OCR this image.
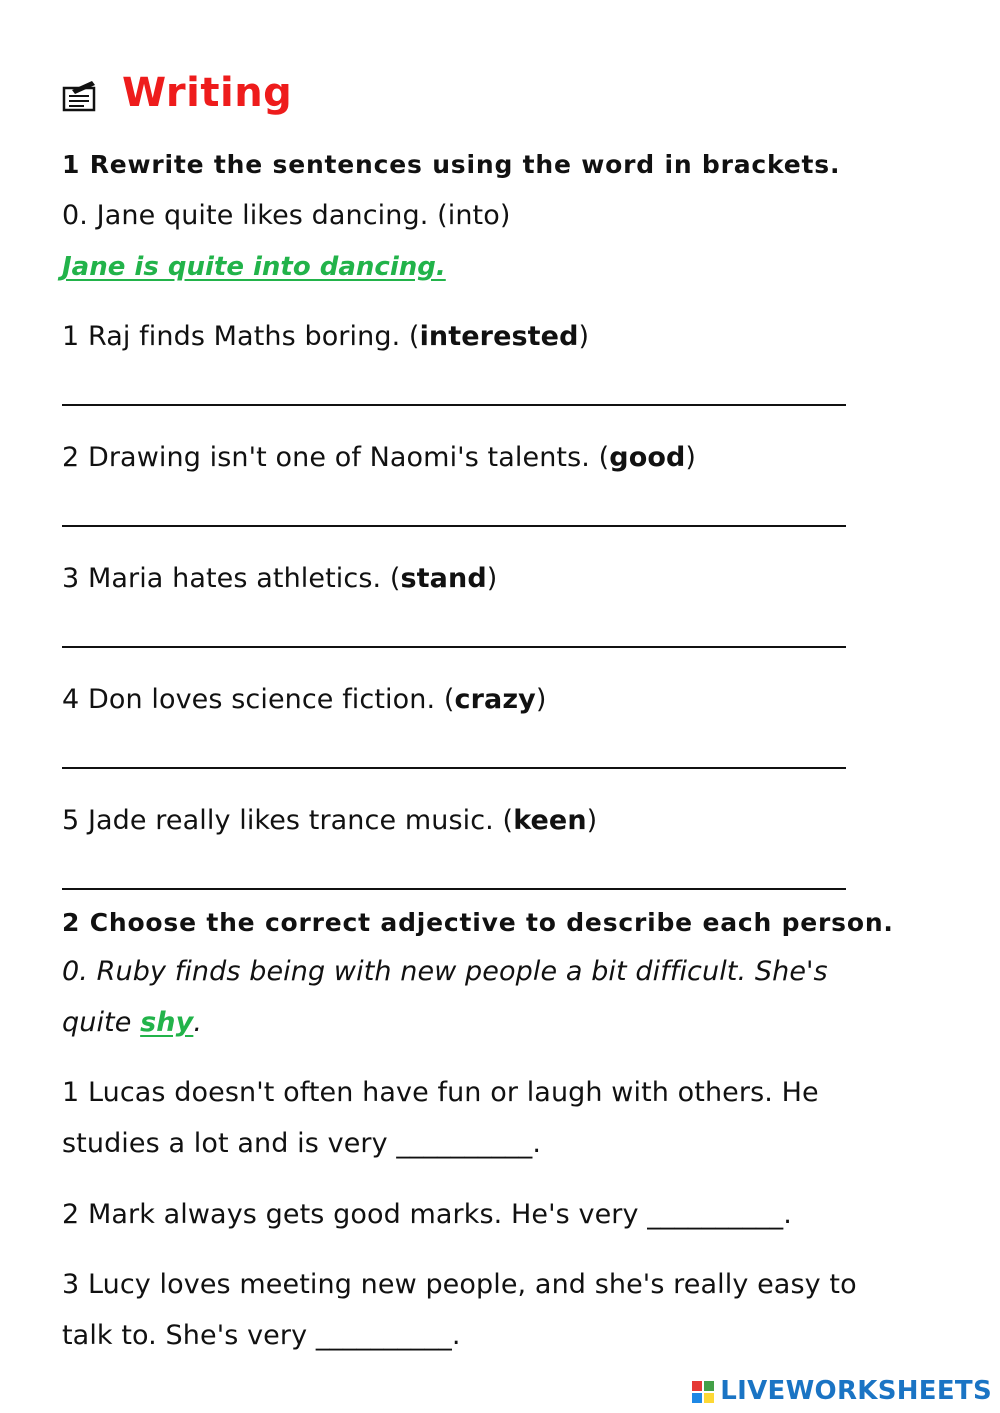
Writing
1 Rewrite the sentences using the word in brackets.
0. Jane quite likes dancing. (into)
Jane is quite into dancing.
1 Raj finds Maths boring. (interested)
2 Drawing isn't one of Naomi's talents. (good)
3 Maria hates athletics. (stand)
4 Don loves science fiction. (crazy)
5 Jade really likes trance music. (keen)
2 Choose the correct adjective to describe each person.
0. Ruby finds being with new people a bit difficult. She's
quite shy.
1 Lucas doesn't often have fun or laugh with others. He
studies a lot and is very __________.
2 Mark always gets good marks. He's very __________.
3 Lucy loves meeting new people, and she's really easy to
talk to. She's very __________.
LIVEWORKSHEETS
